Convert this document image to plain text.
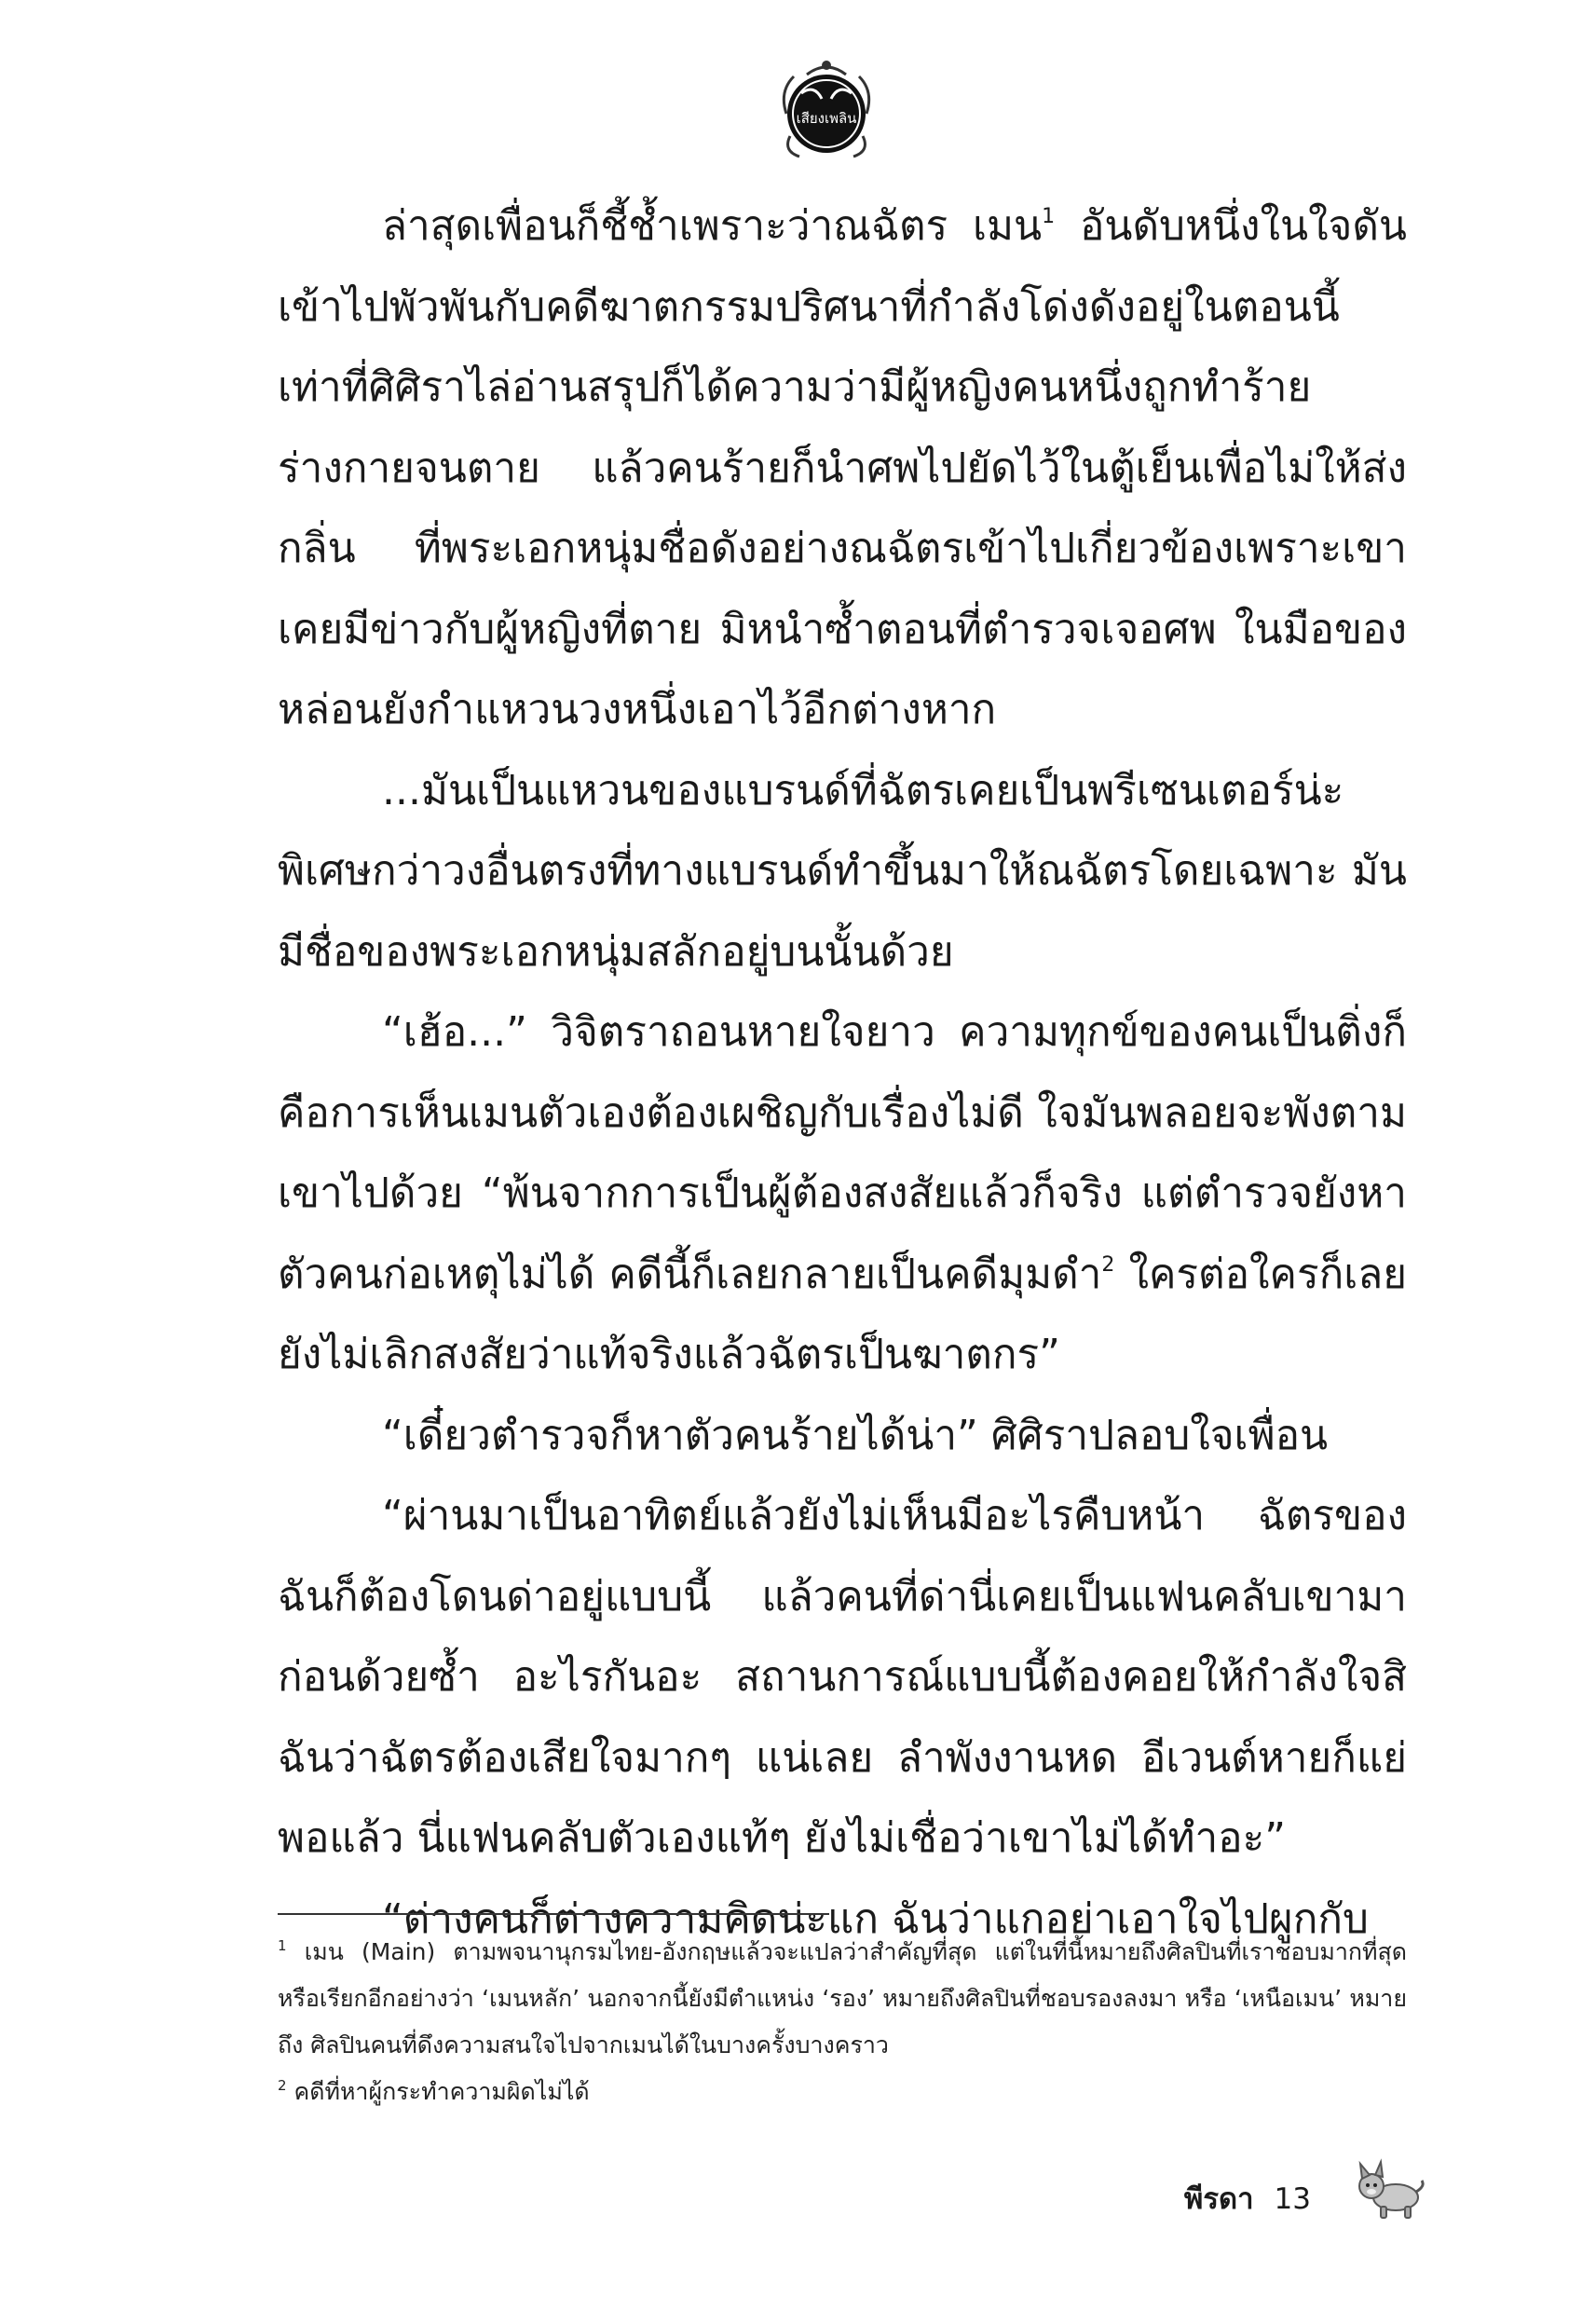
เสียงเพลิน

ล่าสุดเพื่อนก็ชี้ช้ำเพราะว่าณฉัตร เมน$^1$ อันดับหนึ่งในใจดันเข้าไปพัวพันกับคดีฆาตกรรมปริศนาที่กำลังโด่งดังอยู่ในตอนนี้ เท่าที่ศิศิราไล่อ่านสรุปก็ได้ความว่ามีผู้หญิงคนหนึ่งถูกทำร้ายร่างกายจนตาย แล้วคนร้ายก็นำศพไปยัดไว้ในตู้เย็นเพื่อไม่ให้ส่งกลิ่น ที่พระเอกหนุ่มชื่อดังอย่างณฉัตรเข้าไปเกี่ยวข้องเพราะเขาเคยมีข่าวกับผู้หญิงที่ตาย มิหนำซ้ำตอนที่ตำรวจเจอศพ ในมือของหล่อนยังกำแหวนวงหนึ่งเอาไว้อีกต่างหาก

...มันเป็นแหวนของแบรนด์ที่ฉัตรเคยเป็นพรีเซนเตอร์น่ะ พิเศษกว่าวงอื่นตรงที่ทางแบรนด์ทำขึ้นมาให้ณฉัตรโดยเฉพาะ มันมีชื่อของพระเอกหนุ่มสลักอยู่บนนั้นด้วย

“เฮ้อ...” วิจิตราถอนหายใจยาว ความทุกข์ของคนเป็นติ่งก็คือการเห็นเมนตัวเองต้องเผชิญกับเรื่องไม่ดี ใจมันพลอยจะพังตามเขาไปด้วย “พ้นจากการเป็นผู้ต้องสงสัยแล้วก็จริง แต่ตำรวจยังหาตัวคนก่อเหตุไม่ได้ คดีนี้ก็เลยกลายเป็นคดีมุมดำ$^2$ ใครต่อใครก็เลยยังไม่เลิกสงสัยว่าแท้จริงแล้วฉัตรเป็นฆาตกร”

“เดี๋ยวตำรวจก็หาตัวคนร้ายได้น่า” ศิศิราปลอบใจเพื่อน

“ผ่านมาเป็นอาทิตย์แล้วยังไม่เห็นมีอะไรคืบหน้า ฉัตรของฉันก็ต้องโดนด่าอยู่แบบนี้ แล้วคนที่ด่านี่เคยเป็นแฟนคลับเขามาก่อนด้วยซ้ำ อะไรกันอะ สถานการณ์แบบนี้ต้องคอยให้กำลังใจสิ ฉันว่าฉัตรต้องเสียใจมากๆ แน่เลย ลำพังงานหด อีเวนต์หายก็แย่พอแล้ว นี่แฟนคลับตัวเองแท้ๆ ยังไม่เชื่อว่าเขาไม่ได้ทำอะ”

“ต่างคนก็ต่างความคิดน่ะแก ฉันว่าแกอย่าเอาใจไปผูกกับ

$^1$ เมน (Main) ตามพจนานุกรมไทย-อังกฤษแล้วจะแปลว่าสำคัญที่สุด แต่ในที่นี้หมายถึงศิลปินที่เราชอบมากที่สุด หรือเรียกอีกอย่างว่า ‘เมนหลัก’ นอกจากนี้ยังมีตำแหน่ง ‘รอง’ หมายถึงศิลปินที่ชอบรองลงมา หรือ ‘เหนือเมน’ หมายถึง ศิลปินคนที่ดึงความสนใจไปจากเมนได้ในบางครั้งบางคราว

$^2$ คดีที่หาผู้กระทำความผิดไม่ได้

พีรดา 13
